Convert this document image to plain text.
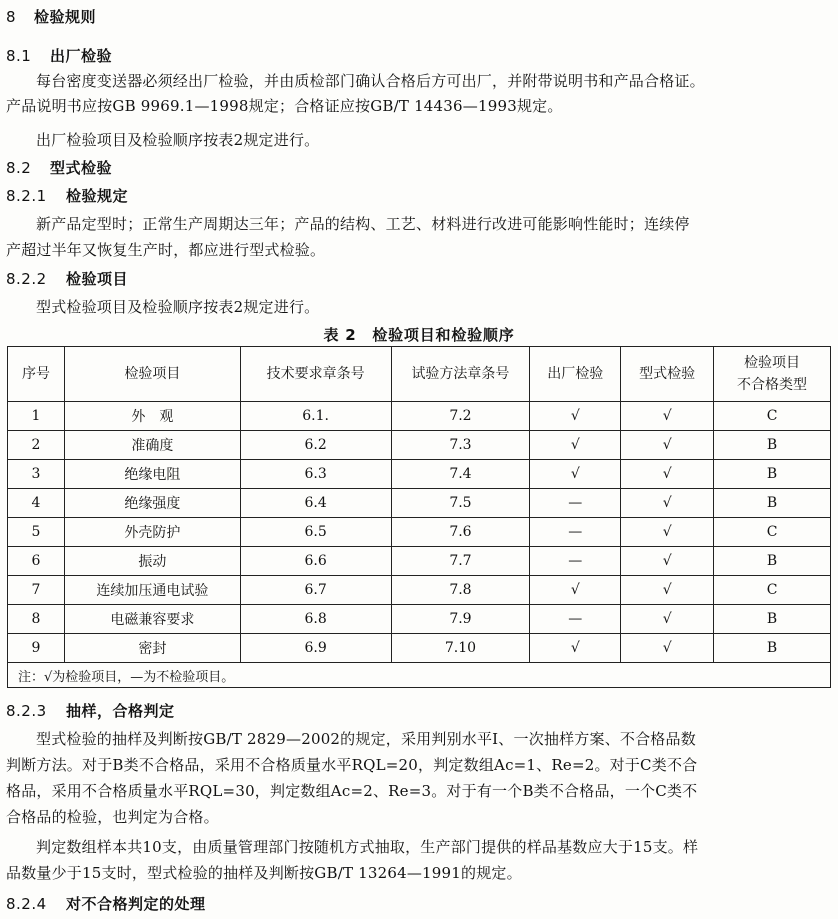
8 检验规则
8.1 出厂检验
每台密度变送器必须经出厂检验，并由质检部门确认合格后方可出厂，并附带说明书和产品合格证。
产品说明书应按GB 9969.1—1998规定；合格证应按GB/T 14436—1993规定。
出厂检验项目及检验顺序按表2规定进行。
8.2 型式检验
8.2.1 检验规定
新产品定型时；正常生产周期达三年；产品的结构、工艺、材料进行改进可能影响性能时；连续停
产超过半年又恢复生产时，都应进行型式检验。
8.2.2 检验项目
型式检验项目及检验顺序按表2规定进行。
表 2　检验项目和检验顺序
序号	检验项目	技术要求章条号	试验方法章条号	出厂检验	型式检验	检验项目
不合格类型
1	外　观	6.1.	7.2	√	√	C
2	准确度	6.2	7.3	√	√	B
3	绝缘电阻	6.3	7.4	√	√	B
4	绝缘强度	6.4	7.5	—	√	B
5	外壳防护	6.5	7.6	—	√	C
6	振动	6.6	7.7	—	√	B
7	连续加压通电试验	6.7	7.8	√	√	C
8	电磁兼容要求	6.8	7.9	—	√	B
9	密封	6.9	7.10	√	√	B
注：√为检验项目，—为不检验项目。						
8.2.3 抽样，合格判定
型式检验的抽样及判断按GB/T 2829—2002的规定，采用判别水平Ⅰ、一次抽样方案、不合格品数
判断方法。对于B类不合格品，采用不合格质量水平RQL=20，判定数组Ac=1、Re=2。对于C类不合
格品，采用不合格质量水平RQL=30，判定数组Ac=2、Re=3。对于有一个B类不合格品，一个C类不
合格品的检验，也判定为合格。
判定数组样本共10支，由质量管理部门按随机方式抽取，生产部门提供的样品基数应大于15支。样
品数量少于15支时，型式检验的抽样及判断按GB/T 13264—1991的规定。
8.2.4 对不合格判定的处理
